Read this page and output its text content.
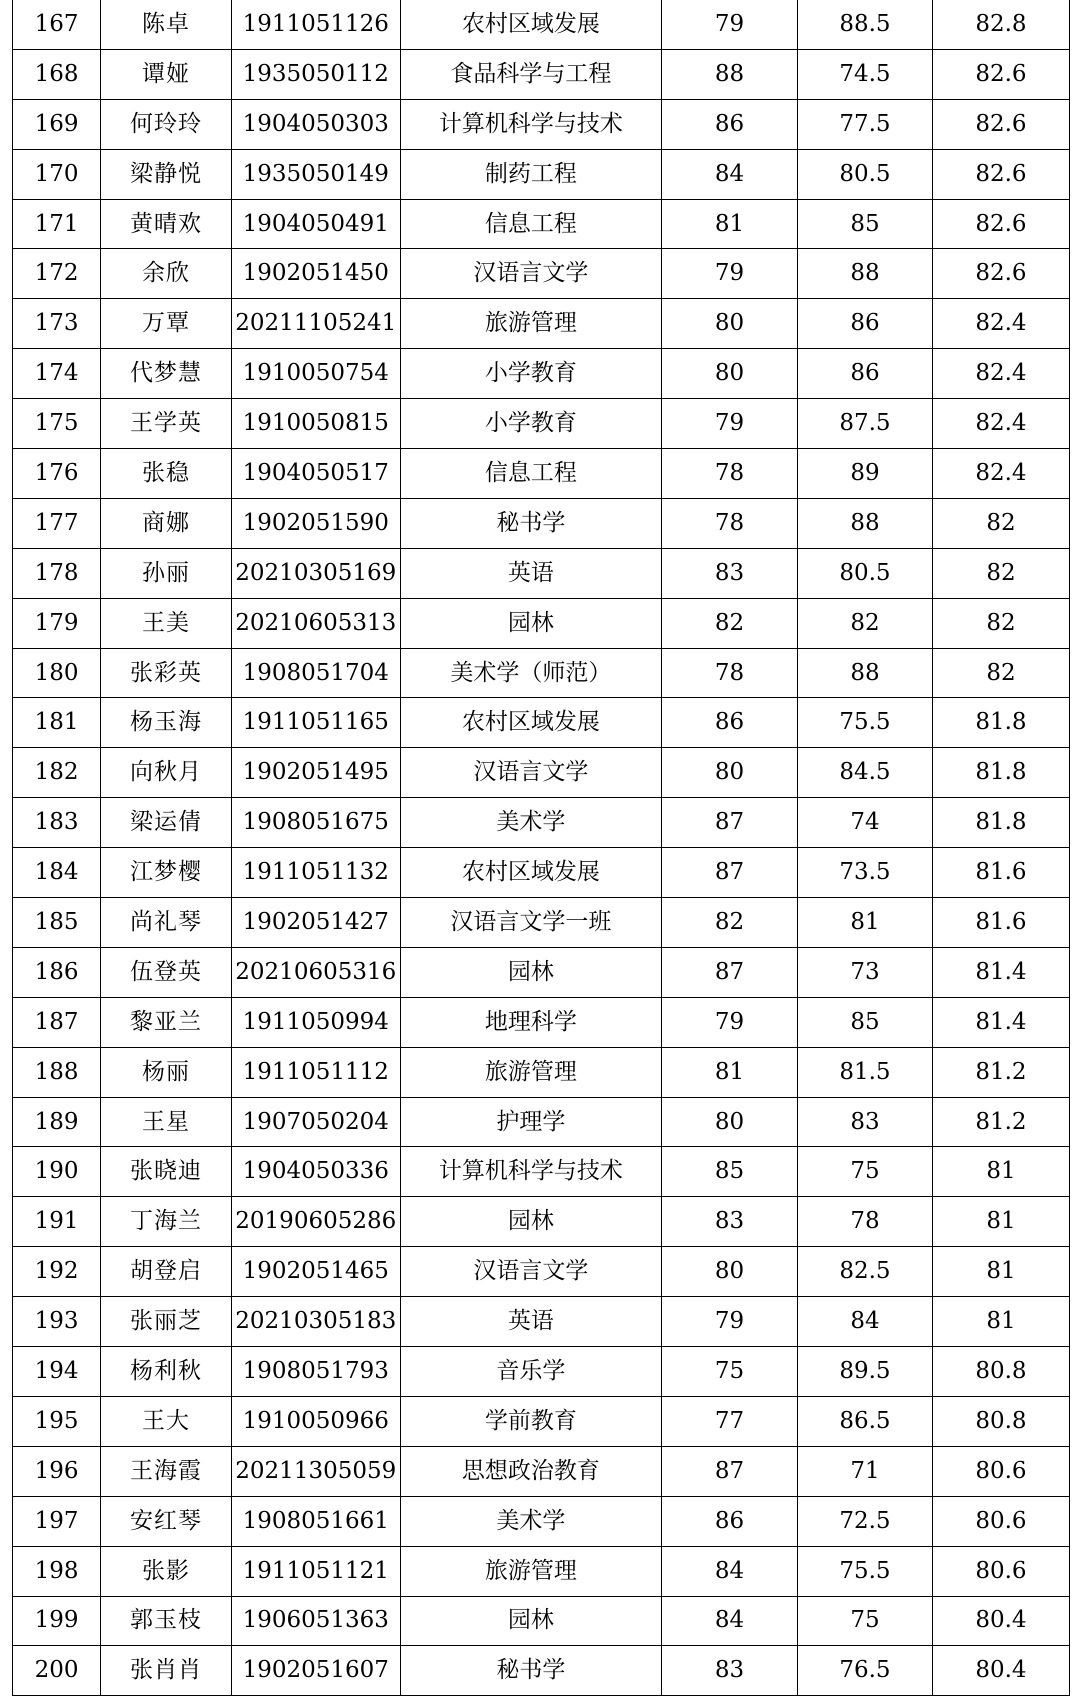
167	陈卓	1911051126	农村区域发展	79	88.5	82.8
168	谭娅	1935050112	食品科学与工程	88	74.5	82.6
169	何玲玲	1904050303	计算机科学与技术	86	77.5	82.6
170	梁静悦	1935050149	制药工程	84	80.5	82.6
171	黄晴欢	1904050491	信息工程	81	85	82.6
172	余欣	1902051450	汉语言文学	79	88	82.6
173	万覃	20211105241	旅游管理	80	86	82.4
174	代梦慧	1910050754	小学教育	80	86	82.4
175	王学英	1910050815	小学教育	79	87.5	82.4
176	张稳	1904050517	信息工程	78	89	82.4
177	商娜	1902051590	秘书学	78	88	82
178	孙丽	20210305169	英语	83	80.5	82
179	王美	20210605313	园林	82	82	82
180	张彩英	1908051704	美术学（师范）	78	88	82
181	杨玉海	1911051165	农村区域发展	86	75.5	81.8
182	向秋月	1902051495	汉语言文学	80	84.5	81.8
183	梁运倩	1908051675	美术学	87	74	81.8
184	江梦樱	1911051132	农村区域发展	87	73.5	81.6
185	尚礼琴	1902051427	汉语言文学一班	82	81	81.6
186	伍登英	20210605316	园林	87	73	81.4
187	黎亚兰	1911050994	地理科学	79	85	81.4
188	杨丽	1911051112	旅游管理	81	81.5	81.2
189	王星	1907050204	护理学	80	83	81.2
190	张晓迪	1904050336	计算机科学与技术	85	75	81
191	丁海兰	20190605286	园林	83	78	81
192	胡登启	1902051465	汉语言文学	80	82.5	81
193	张丽芝	20210305183	英语	79	84	81
194	杨利秋	1908051793	音乐学	75	89.5	80.8
195	王大	1910050966	学前教育	77	86.5	80.8
196	王海霞	20211305059	思想政治教育	87	71	80.6
197	安红琴	1908051661	美术学	86	72.5	80.6
198	张影	1911051121	旅游管理	84	75.5	80.6
199	郭玉枝	1906051363	园林	84	75	80.4
200	张肖肖	1902051607	秘书学	83	76.5	80.4
